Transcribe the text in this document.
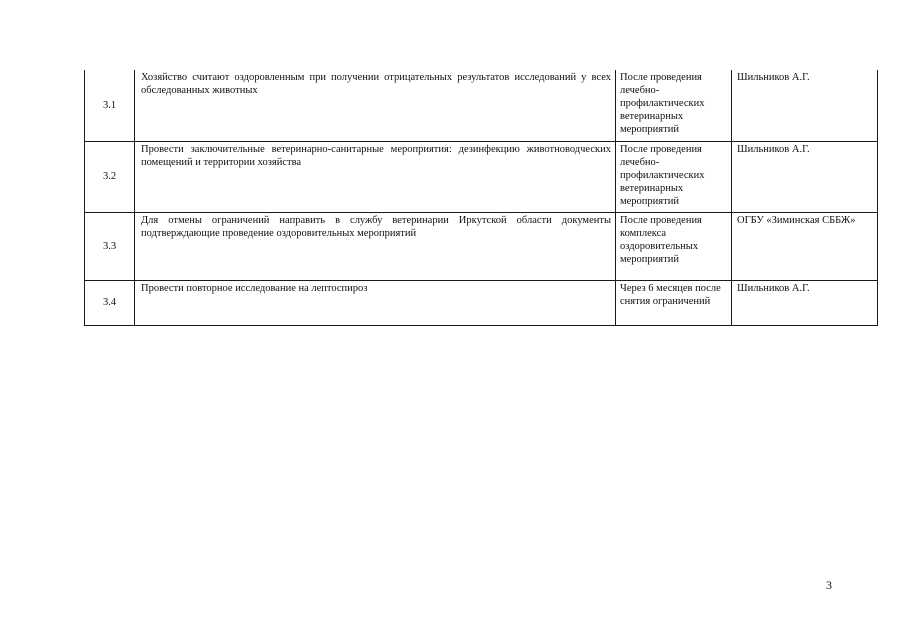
3.1	Хозяйство считают оздоровленным при получении отрицательных результатов исследований у всех обследованных животных	После проведения лечебно-профилактических ветеринарных мероприятий	Шильников А.Г.
3.2	Провести заключительные ветеринарно-санитарные мероприятия: дезинфекцию животноводческих помещений и территории хозяйства	После проведения лечебно-профилактических ветеринарных мероприятий	Шильников А.Г.
3.3	Для отмены ограничений направить в службу ветеринарии Иркутской области документы подтверждающие проведение оздоровительных мероприятий	После проведения комплекса оздоровительных мероприятий	ОГБУ «Зиминская СББЖ»
3.4	Провести повторное исследование на лептоспироз	Через 6 месяцев после снятия ограничений	Шильников А.Г.
3
